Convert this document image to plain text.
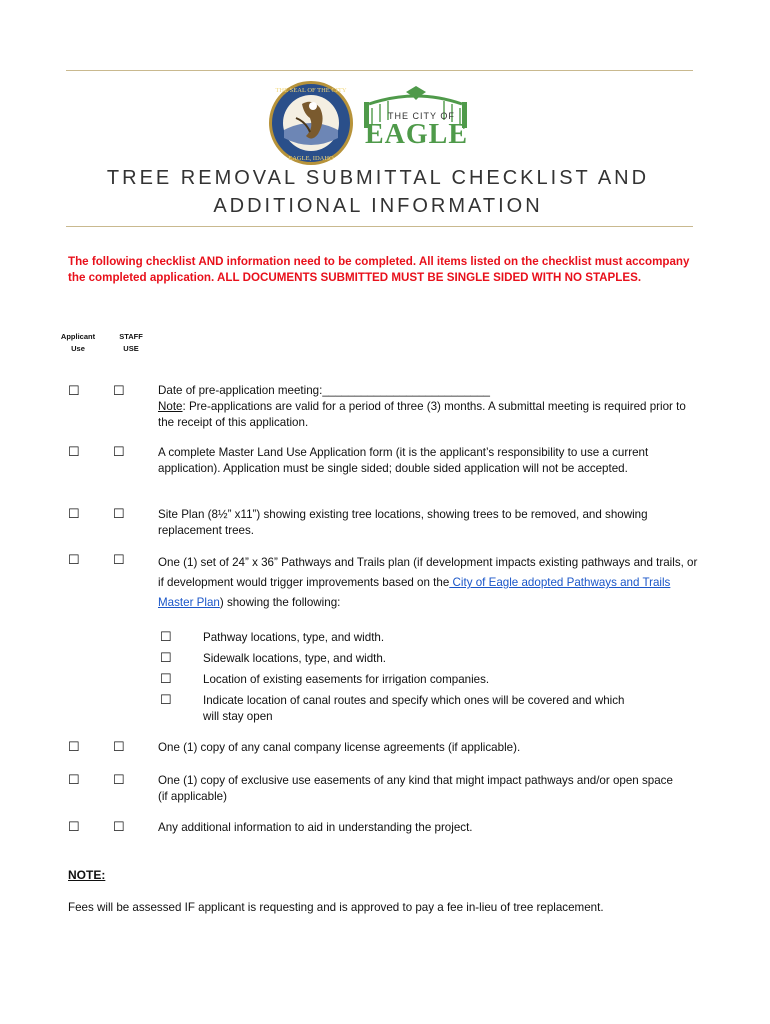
THE SEAL OF THE CITY
EAGLE, IDAHO
THE CITY OF
EAGLE
TREE REMOVAL SUBMITTAL CHECKLIST AND
ADDITIONAL INFORMATION
The following checklist AND information need to be completed. All items listed on the checklist must accompany the completed application. ALL DOCUMENTS SUBMITTED MUST BE SINGLE SIDED WITH NO STAPLES.
Applicant
Use
STAFF
USE
☐	☐	Date of pre-application meeting:__________________________
Note: Pre-applications are valid for a period of three (3) months. A submittal meeting is required prior to the receipt of this application.
☐	☐	A complete Master Land Use Application form (it is the applicant’s responsibility to use a current application). Application must be single sided; double sided application will not be accepted.
☐	☐	Site Plan (8½” x11”) showing existing tree locations, showing trees to be removed, and showing replacement trees.
☐	☐	One (1) set of 24” x 36” Pathways and Trails plan (if development impacts existing pathways and trails, or if development would trigger improvements based on the City of Eagle adopted Pathways and Trails Master Plan) showing the following:
☐	Pathway locations, type, and width.
☐	Sidewalk locations, type, and width.
☐	Location of existing easements for irrigation companies.
☐	Indicate location of canal routes and specify which ones will be covered and which will stay open
☐	☐	One (1) copy of any canal company license agreements (if applicable).
☐	☐	One (1) copy of exclusive use easements of any kind that might impact pathways and/or open space (if applicable)
☐	☐	Any additional information to aid in understanding the project.
NOTE:
Fees will be assessed IF applicant is requesting and is approved to pay a fee in-lieu of tree replacement.
